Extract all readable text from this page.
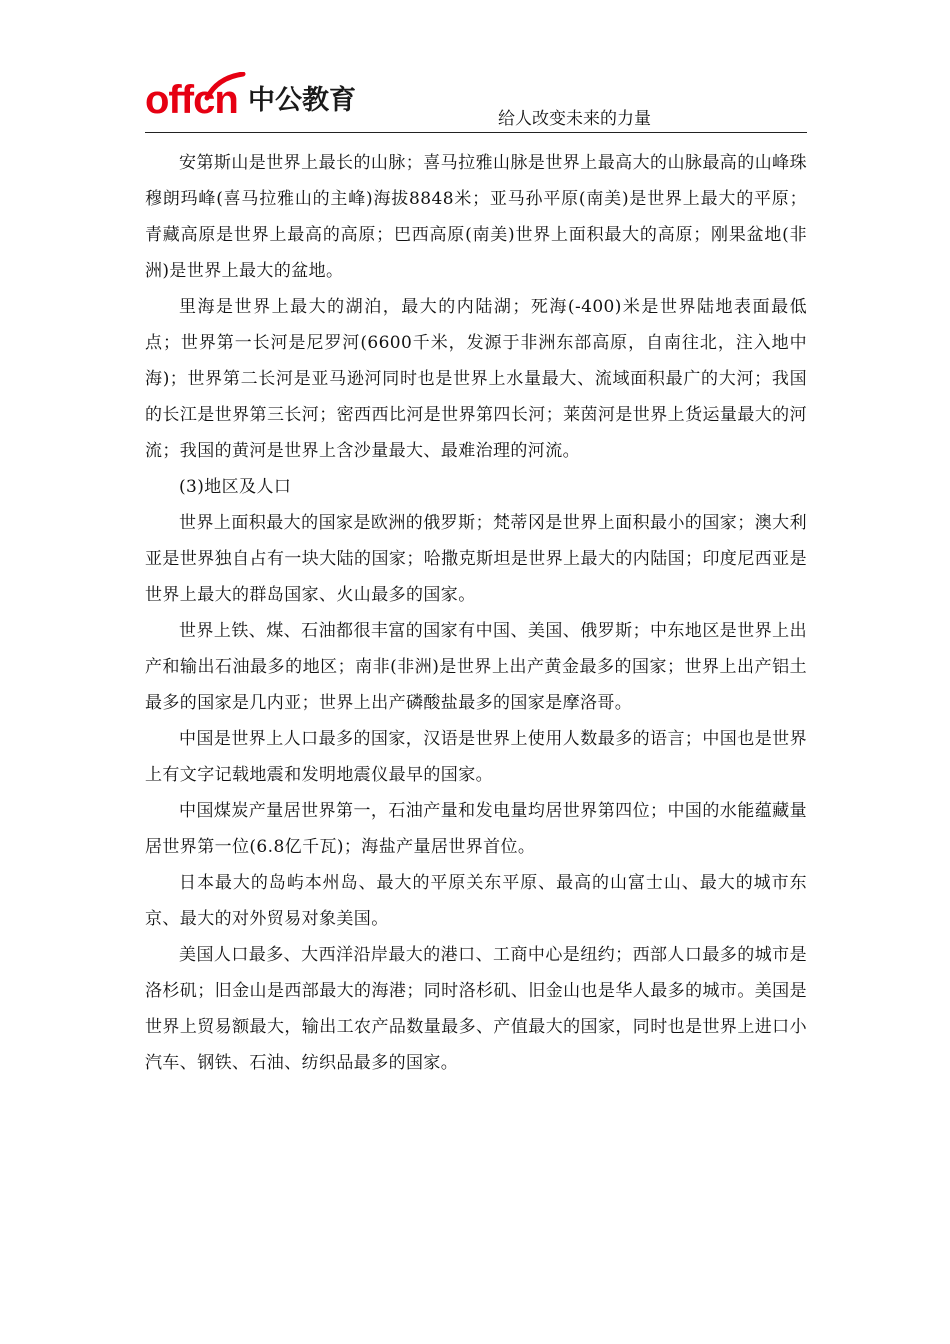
offcn 中公教育
给人改变未来的力量

安第斯山是世界上最长的山脉；喜马拉雅山脉是世界上最高大的山脉最高的山峰珠穆朗玛峰(喜马拉雅山的主峰)海拔8848米；亚马孙平原(南美)是世界上最大的平原；青藏高原是世界上最高的高原；巴西高原(南美)世界上面积最大的高原；刚果盆地(非洲)是世界上最大的盆地。

里海是世界上最大的湖泊，最大的内陆湖；死海(-400)米是世界陆地表面最低点；世界第一长河是尼罗河(6600千米，发源于非洲东部高原，自南往北，注入地中海)；世界第二长河是亚马逊河同时也是世界上水量最大、流域面积最广的大河；我国的长江是世界第三长河；密西西比河是世界第四长河；莱茵河是世界上货运量最大的河流；我国的黄河是世界上含沙量最大、最难治理的河流。

(3)地区及人口

世界上面积最大的国家是欧洲的俄罗斯；梵蒂冈是世界上面积最小的国家；澳大利亚是世界独自占有一块大陆的国家；哈撒克斯坦是世界上最大的内陆国；印度尼西亚是世界上最大的群岛国家、火山最多的国家。

世界上铁、煤、石油都很丰富的国家有中国、美国、俄罗斯；中东地区是世界上出产和输出石油最多的地区；南非(非洲)是世界上出产黄金最多的国家；世界上出产铝土最多的国家是几内亚；世界上出产磷酸盐最多的国家是摩洛哥。

中国是世界上人口最多的国家，汉语是世界上使用人数最多的语言；中国也是世界上有文字记载地震和发明地震仪最早的国家。

中国煤炭产量居世界第一，石油产量和发电量均居世界第四位；中国的水能蕴藏量居世界第一位(6.8亿千瓦)；海盐产量居世界首位。

日本最大的岛屿本州岛、最大的平原关东平原、最高的山富士山、最大的城市东京、最大的对外贸易对象美国。

美国人口最多、大西洋沿岸最大的港口、工商中心是纽约；西部人口最多的城市是洛杉矶；旧金山是西部最大的海港；同时洛杉矶、旧金山也是华人最多的城市。美国是世界上贸易额最大，输出工农产品数量最多、产值最大的国家，同时也是世界上进口小汽车、钢铁、石油、纺织品最多的国家。
